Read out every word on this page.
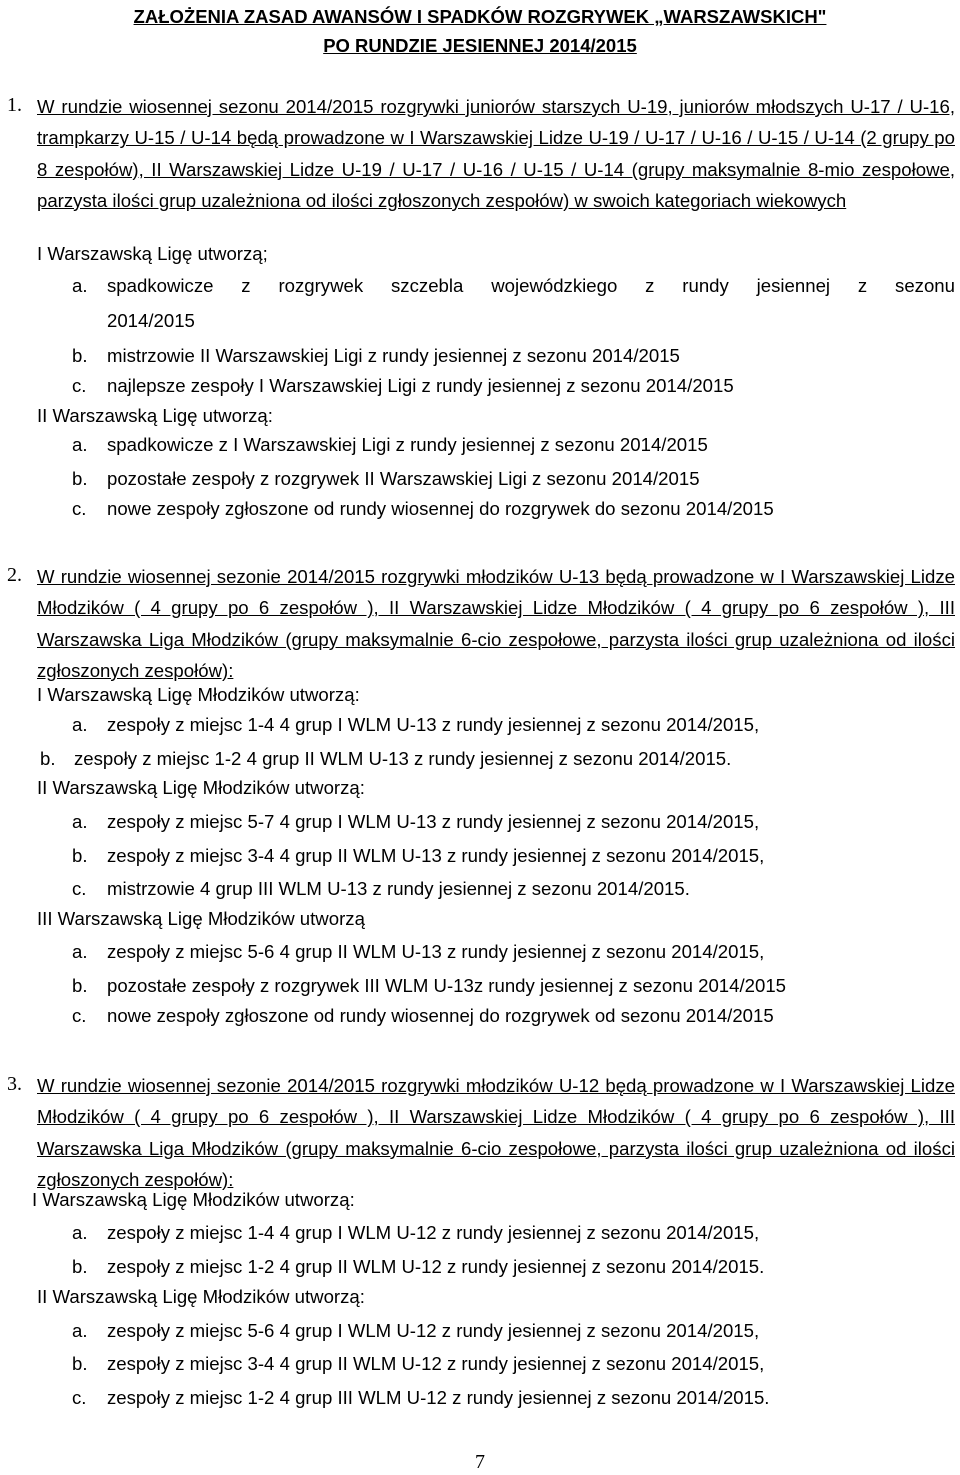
ZAŁOŻENIA ZASAD AWANSÓW I SPADKÓW ROZGRYWEK „WARSZAWSKICH"
PO RUNDZIE JESIENNEJ 2014/2015
1. W rundzie wiosennej sezonu 2014/2015 rozgrywki juniorów starszych U-19, juniorów młodszych U-17 / U-16, trampkarzy U-15 / U-14 będą prowadzone w I Warszawskiej Lidze U-19 / U-17 / U-16 / U-15 / U-14 (2 grupy po 8 zespołów), II Warszawskiej Lidze U-19 / U-17 / U-16 / U-15 / U-14 (grupy maksymalnie 8-mio zespołowe, parzysta ilości grup uzależniona od ilości zgłoszonych zespołów) w swoich kategoriach wiekowych

I Warszawską Ligę utworzą;

a. spadkowicze z rozgrywek szczebla wojewódzkiego z rundy jesiennej z sezonu

2014/2015

b. mistrzowie II Warszawskiej Ligi z rundy jesiennej z sezonu 2014/2015

c. najlepsze zespoły I Warszawskiej Ligi z rundy jesiennej z sezonu 2014/2015

II Warszawską Ligę utworzą:

a. spadkowicze z I Warszawskiej Ligi z rundy jesiennej z sezonu 2014/2015

b. pozostałe zespoły z rozgrywek II Warszawskiej Ligi z sezonu 2014/2015

c. nowe zespoły zgłoszone od rundy wiosennej do rozgrywek do sezonu 2014/2015

2. W rundzie wiosennej sezonie 2014/2015 rozgrywki młodzików U-13 będą prowadzone w I Warszawskiej Lidze Młodzików ( 4 grupy po 6 zespołów ), II Warszawskiej Lidze Młodzików ( 4 grupy po 6 zespołów ), III Warszawska Liga Młodzików (grupy maksymalnie 6-cio zespołowe, parzysta ilości grup uzależniona od ilości zgłoszonych zespołów):

I Warszawską Ligę Młodzików utworzą:

a. zespoły z miejsc 1-4 4 grup I WLM U-13 z rundy jesiennej z sezonu 2014/2015,

b. zespoły z miejsc 1-2 4 grup II WLM U-13 z rundy jesiennej z sezonu 2014/2015.

II Warszawską Ligę Młodzików utworzą:

a. zespoły z miejsc 5-7 4 grup I WLM U-13 z rundy jesiennej z sezonu 2014/2015,

b. zespoły z miejsc 3-4 4 grup II WLM U-13 z rundy jesiennej z sezonu 2014/2015,

c. mistrzowie 4 grup III WLM U-13 z rundy jesiennej z sezonu 2014/2015.

III Warszawską Ligę Młodzików utworzą

a. zespoły z miejsc 5-6 4 grup II WLM U-13 z rundy jesiennej z sezonu 2014/2015,

b. pozostałe zespoły z rozgrywek III WLM U-13z rundy jesiennej z sezonu 2014/2015

c. nowe zespoły zgłoszone od rundy wiosennej do rozgrywek od sezonu 2014/2015

3. W rundzie wiosennej sezonie 2014/2015 rozgrywki młodzików U-12 będą prowadzone w I Warszawskiej Lidze Młodzików ( 4 grupy po 6 zespołów ), II Warszawskiej Lidze Młodzików ( 4 grupy po 6 zespołów ), III Warszawska Liga Młodzików (grupy maksymalnie 6-cio zespołowe, parzysta ilości grup uzależniona od ilości zgłoszonych zespołów):

I Warszawską Ligę Młodzików utworzą:

a. zespoły z miejsc 1-4 4 grup I WLM U-12 z rundy jesiennej z sezonu 2014/2015,

b. zespoły z miejsc 1-2 4 grup II WLM U-12 z rundy jesiennej z sezonu 2014/2015.

II Warszawską Ligę Młodzików utworzą:

a. zespoły z miejsc 5-6 4 grup I WLM U-12 z rundy jesiennej z sezonu 2014/2015,

b. zespoły z miejsc 3-4 4 grup II WLM U-12 z rundy jesiennej z sezonu 2014/2015,

c. zespoły z miejsc 1-2 4 grup III WLM U-12 z rundy jesiennej z sezonu 2014/2015.

7
